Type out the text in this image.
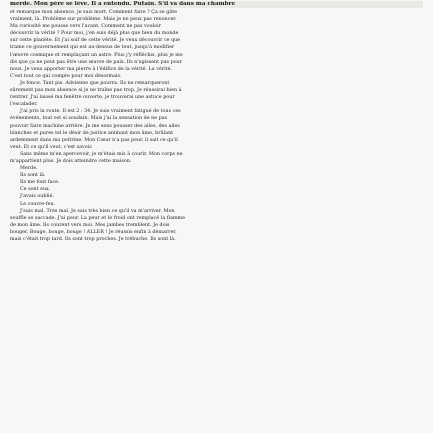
merde. Mon père se lève. Il a entendu. Putain. S'il va dans ma chambre
et remarque mon absence, je suis mort. Comment faire ? Ça se gâte
vraiment, là. Problème sur problème. Mais je ne peux pas renoncer.
Ma curiosité me pousse vers l'avant. Comment ne pas vouloir
découvrir la vérité ? Pour moi, j'en suis déjà plus que bien du monde
sur cette planète. Et j'ai soif de cette vérité. Je veux découvrir ce que
trame ce gouvernement qui est au-dessus de tout, jusqu'à modifier
l'œuvre cosmique et remplaçant un astre. Plus j'y réfléchis, plus je me
dis que ça ne peut pas être une œuvre de paix. Ils n'agissent pas pour
nous. Je veux apporter ma pierre à l'édifice de la vérité. La vérité.
C'est tout ce qui compte pour moi désormais.
Je fonce. Tant pis. Advienne que pourra. Ils ne remarqueront
sûrement pas mon absence si je ne traîne pas trop. Je réussirai bien à
rentrer. J'ai laissé ma fenêtre ouverte, je trouverai une astuce pour
l'escalader.
J'ai pris la route. Il est 2 : 34. Je suis vraiment fatigué de tous ces
événements, tout est si soudain. Mais j'ai la sensation de ne pas
pouvoir faire machine arrière. Je me sens pousser des ailes, des ailes
blanches et pures tel le désir de justice animant mon âme, brûlant
ardemment dans ma poitrine. Mon Cœur n'a pas peur, il sait ce qu'il
veut. Et ce qu'il veut, c'est savoir.
Sans même m'en apercevoir, je m'étais mis à courir. Mon corps ne
m'appartient plus. Je dois atteindre cette maison.
Merde.
Ils sont là.
Ils me font face.
Ce sont eux.
J'avais oublié.
Le couvre-feu.
J'suis mal. Très mal. Je sais très bien ce qu'il va m'arriver. Mon
souffle se saccade. J'ai peur. La peur et le froid ont remplacé la flamme
de mon âme. Ils courent vers moi. Mes jambes tremblent. Je dois
bouger. Bouge, bouge, bouge ! ALLER ! Je réussis enfin à démarrer,
mais c'était trop tard. Ils sont trop proches. Je trébuche. Ils sont là.
